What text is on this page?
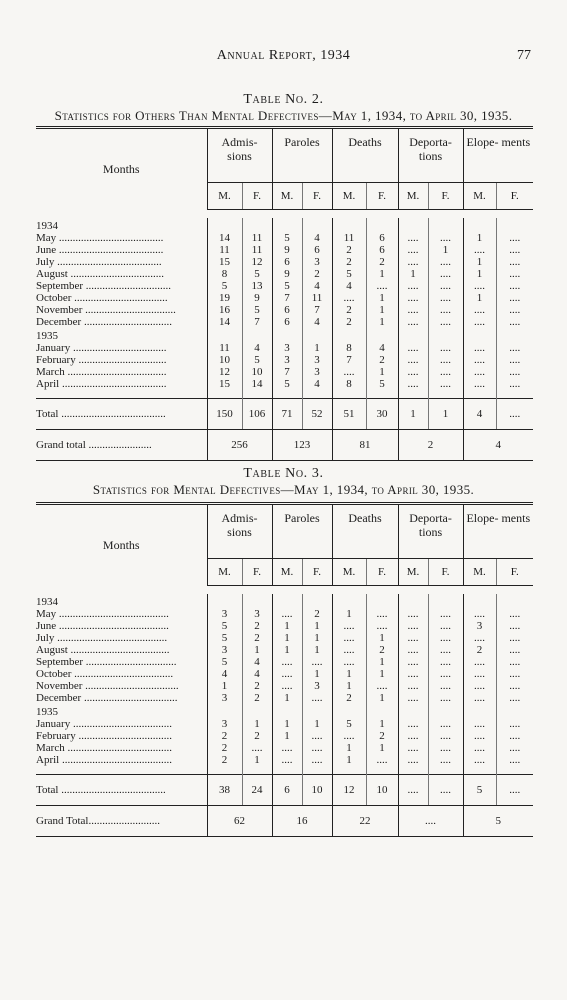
Annual Report, 1934	77
Table No. 2.
Statistics for Others Than Mental Defectives—May 1, 1934, to April 30, 1935.
Months	Admis- sions		Paroles		Deaths		Deporta- tions		Elope- ments	
	M.	F.	M.	F.	M.	F.	M.	F.	M.	F.

1934										
May ......................................	14	11	5	4	11	6	....	....	1	....
June ......................................	11	11	9	6	2	6	....	1	....	....
July ......................................	15	12	6	3	2	2	....	....	1	....
August ..................................	8	5	9	2	5	1	1	....	1	....
September ...............................	5	13	5	4	4	....	....	....	....	....
October ..................................	19	9	7	11	....	1	....	....	1	....
November .................................	16	5	6	7	2	1	....	....	....	....
December ................................	14	7	6	4	2	1	....	....	....	....
1935										
January ..................................	11	4	3	1	8	4	....	....	....	....
February ................................	10	5	3	3	7	2	....	....	....	....
March ....................................	12	10	7	3	....	1	....	....	....	....
April ......................................	15	14	5	4	8	5	....	....	....	....

Total ......................................	150	106	71	52	51	30	1	1	4	....
Grand total .......................	256		123		81		2		4	
Table No. 3.
Statistics for Mental Defectives—May 1, 1934, to April 30, 1935.
Months	Admis- sions		Paroles		Deaths		Deporta- tions		Elope- ments	
	M.	F.	M.	F.	M.	F.	M.	F.	M.	F.

1934										
May ........................................	3	3	....	2	1	....	....	....	....	....
June ........................................	5	2	1	1	....	....	....	....	3	....
July ........................................	5	2	1	1	....	1	....	....	....	....
August ....................................	3	1	1	1	....	2	....	....	2	....
September .................................	5	4	....	....	....	1	....	....	....	....
October ....................................	4	4	....	1	1	1	....	....	....	....
November ..................................	1	2	....	3	1	....	....	....	....	....
December ..................................	3	2	1	....	2	1	....	....	....	....
1935										
January ....................................	3	1	1	1	5	1	....	....	....	....
February ..................................	2	2	1	....	....	2	....	....	....	....
March ......................................	2	....	....	....	1	1	....	....	....	....
April ........................................	2	1	....	....	1	....	....	....	....	....

Total ......................................	38	24	6	10	12	10	....	....	5	....
Grand Total..........................	62		16		22		....		5	
